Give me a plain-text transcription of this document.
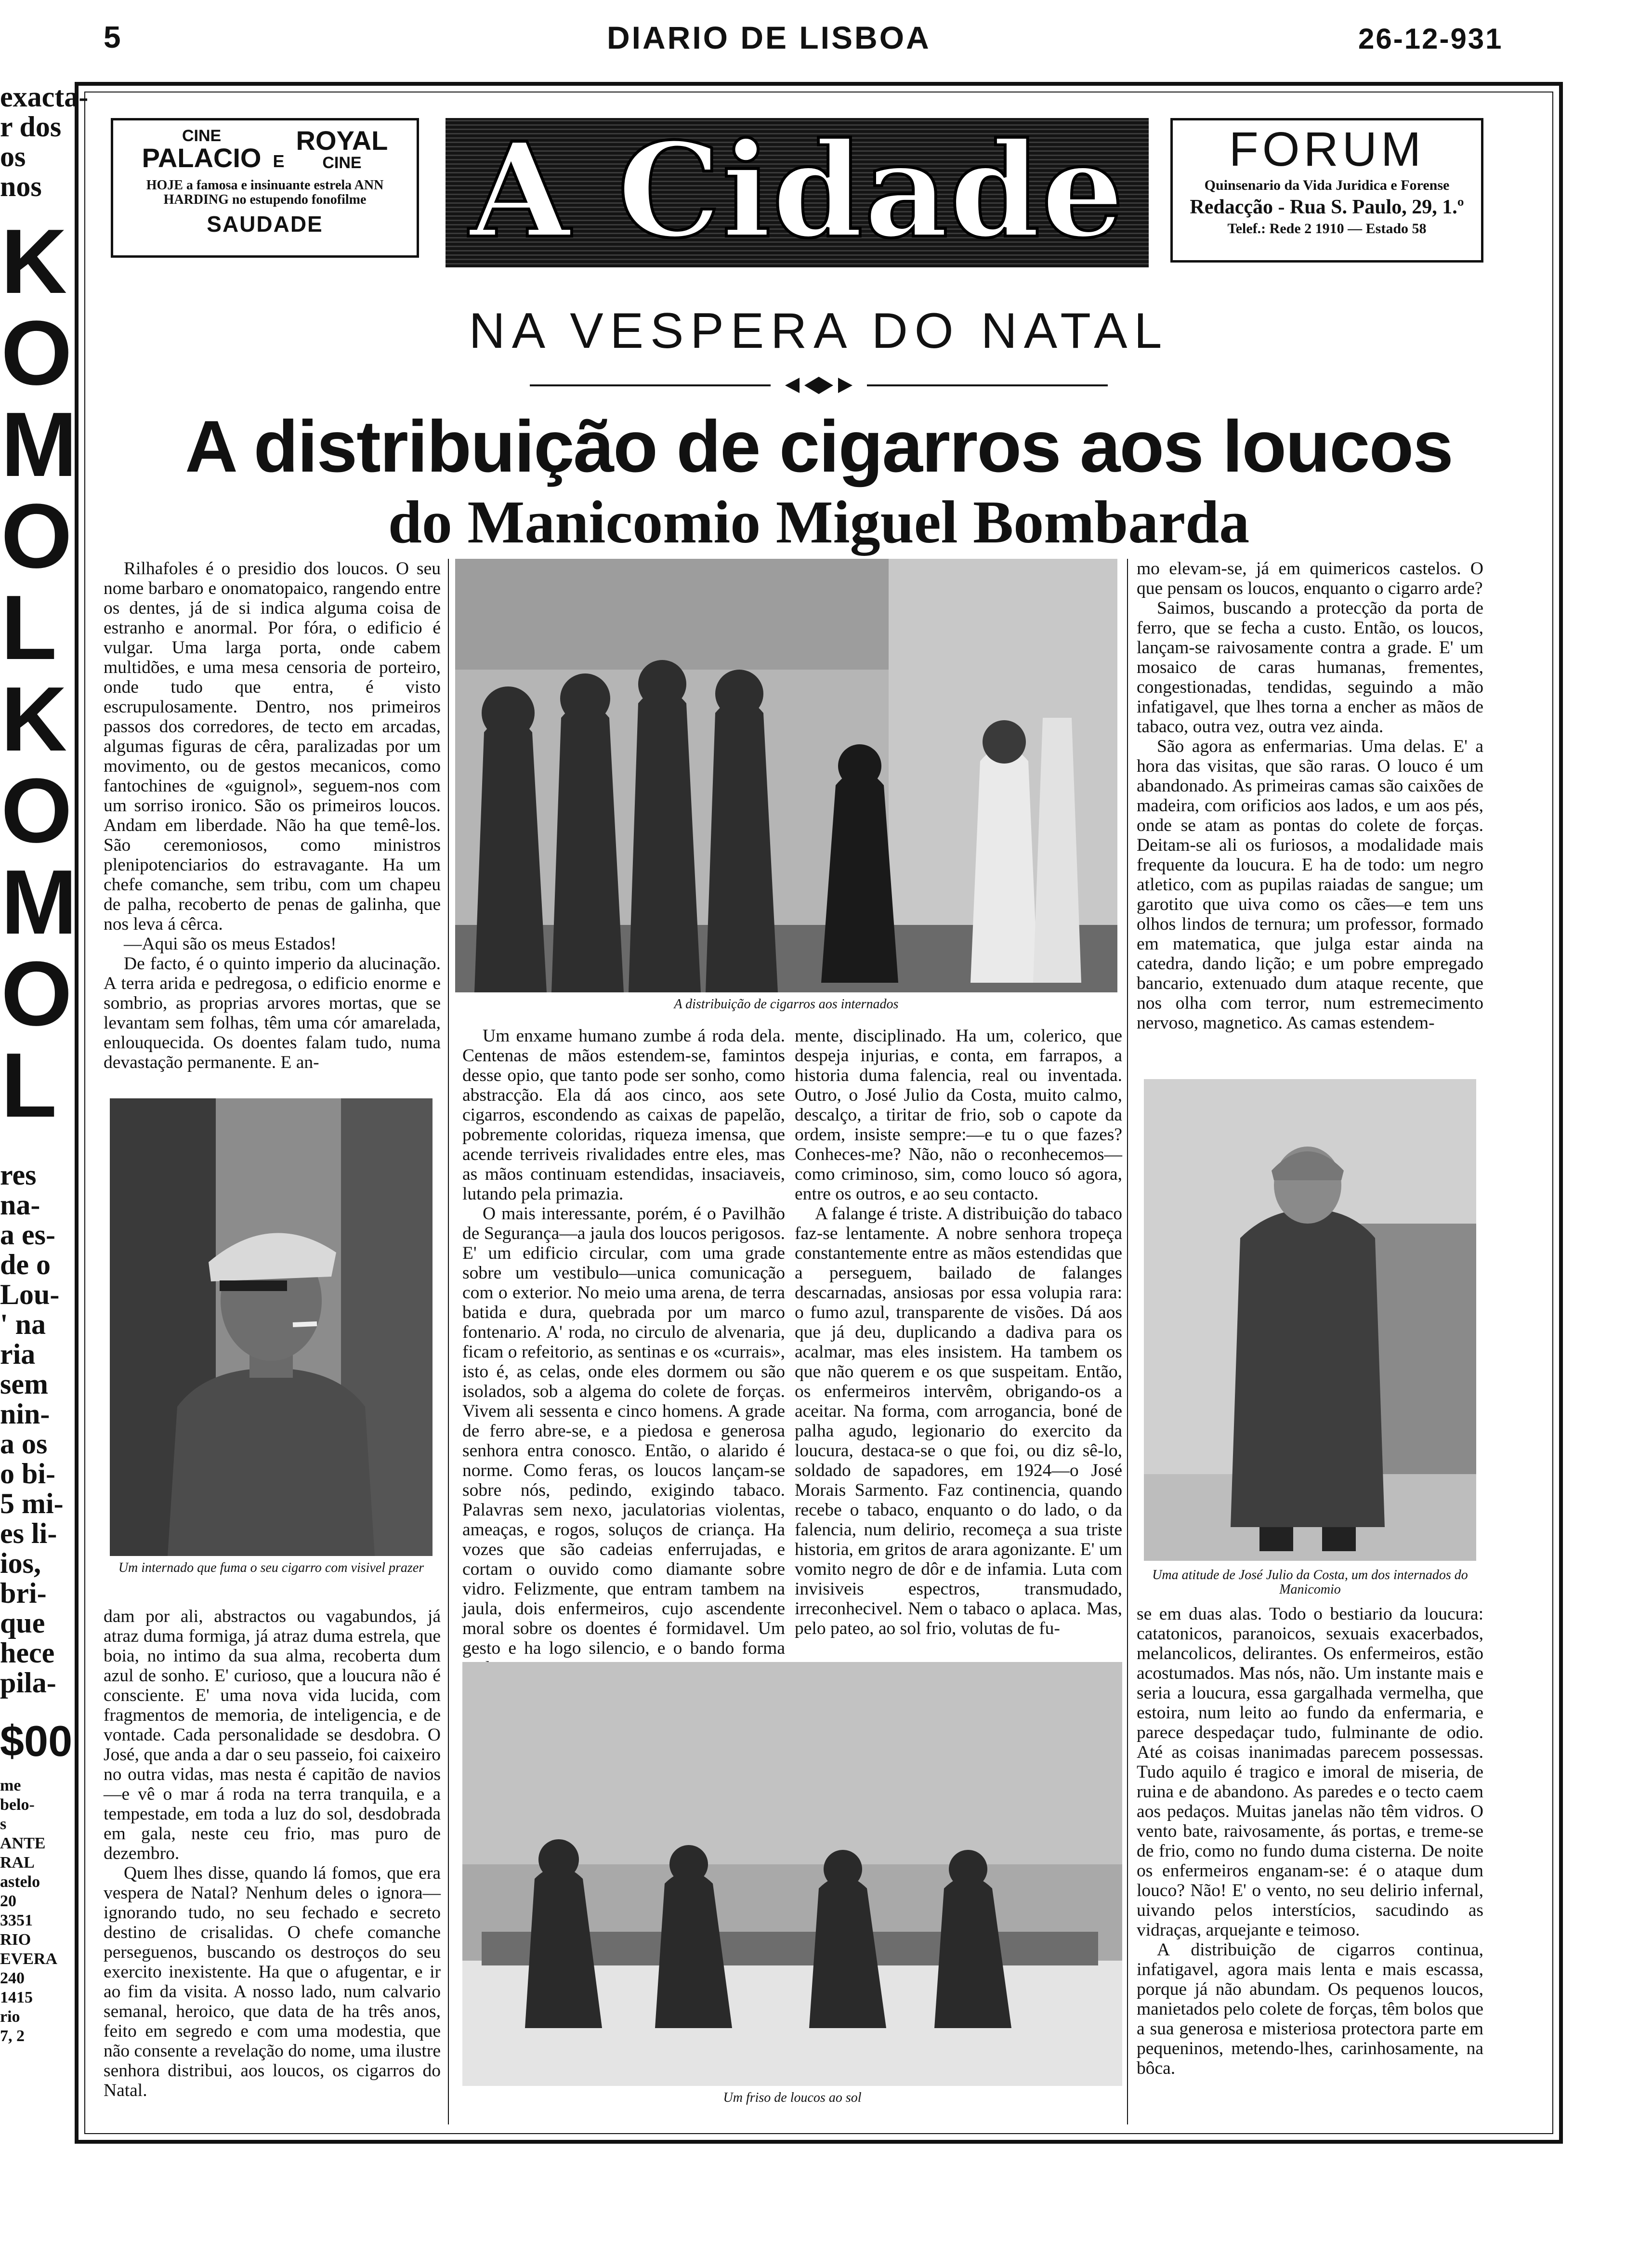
5	DIARIO DE LISBOA	26-12-931
exacta-
r dos
os nos
KOMOL KOMOL
res na-
a es-
de o
Lou-
' na
ria
sem
nin-
a os
o bi-
5 mi-
es li-
ios,
bri-
que
hece
pila-
$00
me
belo-
s
ANTE
RAL
astelo
20
3351
RIO
EVERA
240
1415
rio
7, 2
CINE
PALACIO E
ROYAL
CINE
HOJE a famosa e insinuante estrela ANN
HARDING no estupendo fonofilme
SAUDADE	A Cidade	FORUM
Quinsenario da Vida Juridica e Forense
Redacção - Rua S. Paulo, 29, 1.º
Telef.: Rede 2 1910 — Estado 58
NA VESPERA DO NATAL
A distribuição de cigarros aos loucos
do Manicomio Miguel Bombarda

Rilhafoles é o presidio dos loucos. O seu nome barbaro e onomatopaico, rangendo entre os dentes, já de si indica alguma coisa de estranho e anormal. Por fóra, o edificio é vulgar. Uma larga porta, onde cabem multidões, e uma mesa censoria de porteiro, onde tudo que entra, é visto escrupulosamente. Dentro, nos primeiros passos dos corredores, de tecto em arcadas, algumas figuras de cêra, paralizadas por um movimento, ou de gestos mecanicos, como fantochines de «guignol», seguem-nos com um sorriso ironico. São os primeiros loucos. Andam em liberdade. Não ha que temê-los. São ceremoniosos, como ministros plenipotenciarios do estravagante. Ha um chefe comanche, sem tribu, com um chapeu de palha, recoberto de penas de galinha, que nos leva á cêrca.

—Aqui são os meus Estados!

De facto, é o quinto imperio da alucinação. A terra arida e pedregosa, o edificio enorme e sombrio, as proprias arvores mortas, que se levantam sem folhas, têm uma cór amarelada, enlouquecida. Os doentes falam tudo, numa devastação permanente. E an-

Um internado que fuma o seu cigarro com visivel prazer

dam por ali, abstractos ou vagabundos, já atraz duma formiga, já atraz duma estrela, que boia, no intimo da sua alma, recoberta dum azul de sonho. E' curioso, que a loucura não é consciente. E' uma nova vida lucida, com fragmentos de memoria, de inteligencia, e de vontade. Cada personalidade se desdobra. O José, que anda a dar o seu passeio, foi caixeiro no outra vidas, mas nesta é capitão de navios—e vê o mar á roda na terra tranquila, e a tempestade, em toda a luz do sol, desdobrada em gala, neste ceu frio, mas puro de dezembro.

Quem lhes disse, quando lá fomos, que era vespera de Natal? Nenhum deles o ignora—ignorando tudo, no seu fechado e secreto destino de crisalidas. O chefe comanche perseguenos, buscando os destroços do seu exercito inexistente. Ha que o afugentar, e ir ao fim da visita. A nosso lado, num calvario semanal, heroico, que data de ha três anos, feito em segredo e com uma modestia, que não consente a revelação do nome, uma ilustre senhora distribui, aos loucos, os cigarros do Natal.

A distribuição de cigarros aos internados

Um enxame humano zumbe á roda dela. Centenas de mãos estendem-se, famintos desse opio, que tanto pode ser sonho, como abstracção. Ela dá aos cinco, aos sete cigarros, escondendo as caixas de papelão, pobremente coloridas, riqueza imensa, que acende terriveis rivalidades entre eles, mas as mãos continuam estendidas, insaciaveis, lutando pela primazia.

O mais interessante, porém, é o Pavilhão de Segurança—a jaula dos loucos perigosos. E' um edificio circular, com uma grade sobre um vestibulo—unica comunicação com o exterior. No meio uma arena, de terra batida e dura, quebrada por um marco fontenario. A' roda, no circulo de alvenaria, ficam o refeitorio, as sentinas e os «currais», isto é, as celas, onde eles dormem ou são isolados, sob a algema do colete de forças. Vivem ali sessenta e cinco homens. A grade de ferro abre-se, e a piedosa e generosa senhora entra conosco. Então, o alarido é norme. Como feras, os loucos lançam-se sobre nós, pedindo, exigindo tabaco. Palavras sem nexo, jaculatorias violentas, ameaças, e rogos, soluços de criança. Ha vozes que são cadeias enferrujadas, e cortam o ouvido como diamante sobre vidro. Felizmente, que entram tambem na jaula, dois enfermeiros, cujo ascendente moral sobre os doentes é formidavel. Um gesto e ha logo silencio, e o bando forma

mente, disciplinado. Ha um, colerico, que despeja injurias, e conta, em farrapos, a historia duma falencia, real ou inventada. Outro, o José Julio da Costa, muito calmo, descalço, a tiritar de frio, sob o capote da ordem, insiste sempre:—e tu o que fazes? Conheces-me? Não, não o reconhecemos—como criminoso, sim, como louco só agora, entre os outros, e ao seu contacto.

A falange é triste. A distribuição do tabaco faz-se lentamente. A nobre senhora tropeça constantemente entre as mãos estendidas que a perseguem, bailado de falanges descarnadas, ansiosas por essa volupia rara: o fumo azul, transparente de visões. Dá aos que já deu, duplicando a dadiva para os acalmar, mas eles insistem. Ha tambem os que não querem e os que suspeitam. Então, os enfermeiros intervêm, obrigando-os a aceitar. Na forma, com arrogancia, boné de palha agudo, legionario do exercito da loucura, destaca-se o que foi, ou diz sê-lo, soldado de sapadores, em 1924—o José Morais Sarmento. Faz continencia, quando recebe o tabaco, enquanto o do lado, o da falencia, num delirio, recomeça a sua triste historia, em gritos de arara agonizante. E' um vomito negro de dôr e de infamia. Luta com invisiveis espectros, transmudado, irreconhecivel. Nem o tabaco o aplaca. Mas, pelo pateo, ao sol frio, volutas de fu-

Um friso de loucos ao sol

mo elevam-se, já em quimericos castelos. O que pensam os loucos, enquanto o cigarro arde?

Saimos, buscando a protecção da porta de ferro, que se fecha a custo. Então, os loucos, lançam-se raivosamente contra a grade. E' um mosaico de caras humanas, frementes, congestionadas, tendidas, seguindo a mão infatigavel, que lhes torna a encher as mãos de tabaco, outra vez, outra vez ainda.

São agora as enfermarias. Uma delas. E' a hora das visitas, que são raras. O louco é um abandonado. As primeiras camas são caixões de madeira, com orificios aos lados, e um aos pés, onde se atam as pontas do colete de forças. Deitam-se ali os furiosos, a modalidade mais frequente da loucura. E ha de todo: um negro atletico, com as pupilas raiadas de sangue; um garotito que uiva como os cães—e tem uns olhos lindos de ternura; um professor, formado em matematica, que julga estar ainda na catedra, dando lição; e um pobre empregado bancario, extenuado dum ataque recente, que nos olha com terror, num estremecimento nervoso, magnetico. As camas estendem-

Uma atitude de José Julio da Costa, um dos internados do Manicomio

se em duas alas. Todo o bestiario da loucura: catatonicos, paranoicos, sexuais exacerbados, melancolicos, delirantes. Os enfermeiros, estão acostumados. Mas nós, não. Um instante mais e seria a loucura, essa gargalhada vermelha, que estoira, num leito ao fundo da enfermaria, e parece despedaçar tudo, fulminante de odio. Até as coisas inanimadas parecem possessas. Tudo aquilo é tragico e imoral de miseria, de ruina e de abandono. As paredes e o tecto caem aos pedaços. Muitas janelas não têm vidros. O vento bate, raivosamente, ás portas, e treme-se de frio, como no fundo duma cisterna. De noite os enfermeiros enganam-se: é o ataque dum louco? Não! E' o vento, no seu delirio infernal, uivando pelos interstícios, sacudindo as vidraças, arquejante e teimoso.

A distribuição de cigarros continua, infatigavel, agora mais lenta e mais escassa, porque já não abundam. Os pequenos loucos, manietados pelo colete de forças, têm bolos que a sua generosa e misteriosa protectora parte em pequeninos, metendo-lhes, carinhosamente, na bôca.
